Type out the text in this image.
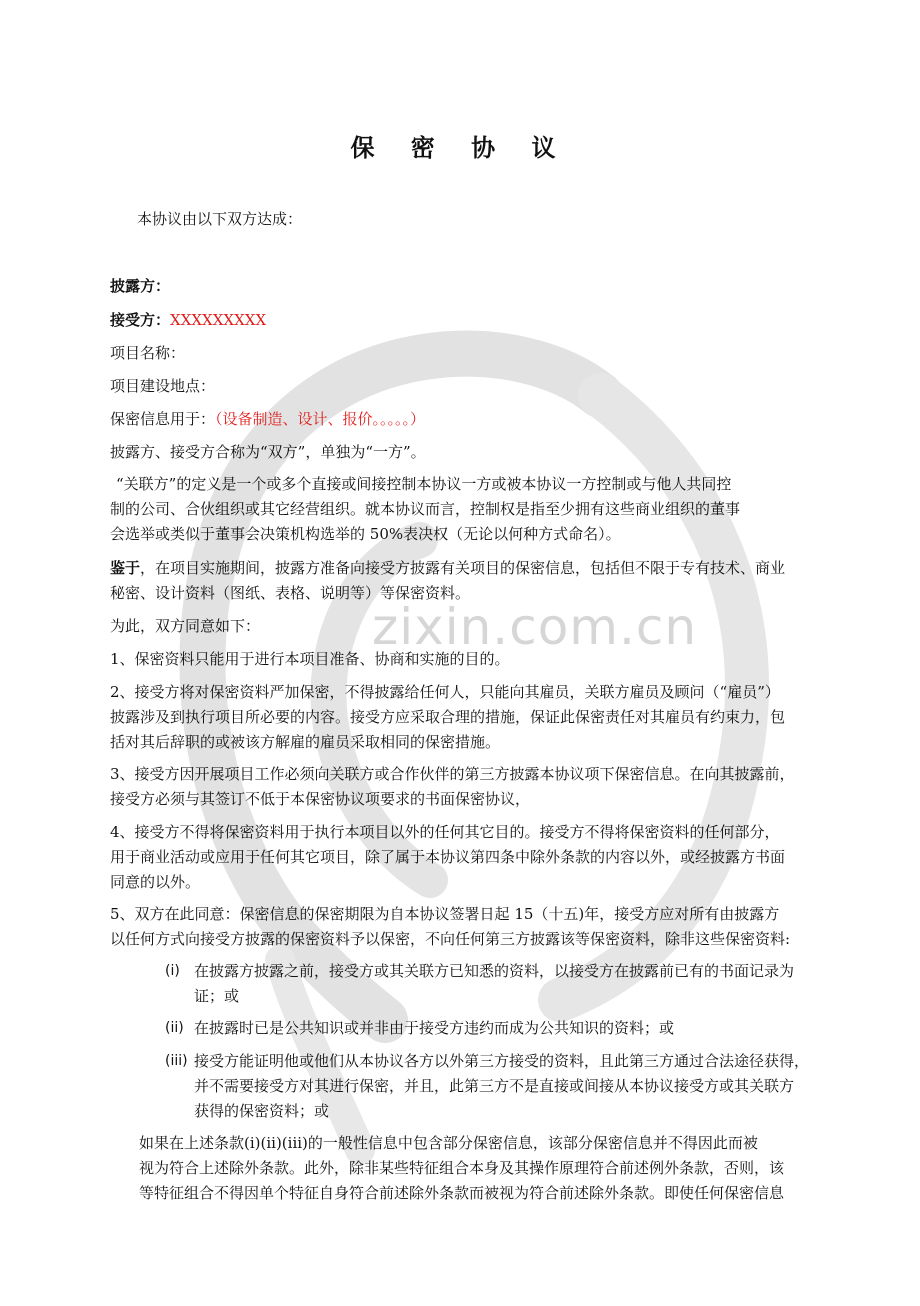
zixin.com.cn
保 密 协 议
本协议由以下双方达成：
披露方：
接受方：XXXXXXXXX
项目名称：
项目建设地点：
保密信息用于：（设备制造、设计、报价。。。。。）
披露方、接受方合称为“双方”，单独为“一方”。
“关联方”的定义是一个或多个直接或间接控制本协议一方或被本协议一方控制或与他人共同控
制的公司、合伙组织或其它经营组织。就本协议而言，控制权是指至少拥有这些商业组织的董事
会选举或类似于董事会决策机构选举的 50%表决权（无论以何种方式命名）。
鉴于，在项目实施期间，披露方准备向接受方披露有关项目的保密信息，包括但不限于专有技术、商业
秘密、设计资料（图纸、表格、说明等）等保密资料。
为此，双方同意如下：
1、保密资料只能用于进行本项目准备、协商和实施的目的。
2、接受方将对保密资料严加保密，不得披露给任何人，只能向其雇员，关联方雇员及顾问（“雇员”）
披露涉及到执行项目所必要的内容。接受方应采取合理的措施，保证此保密责任对其雇员有约束力，包
括对其后辞职的或被该方解雇的雇员采取相同的保密措施。
3、接受方因开展项目工作必须向关联方或合作伙伴的第三方披露本协议项下保密信息。在向其披露前，
接受方必须与其签订不低于本保密协议项要求的书面保密协议，
4、接受方不得将保密资料用于执行本项目以外的任何其它目的。接受方不得将保密资料的任何部分，
用于商业活动或应用于任何其它项目，除了属于本协议第四条中除外条款的内容以外，或经披露方书面
同意的以外。
5、双方在此同意：保密信息的保密期限为自本协议签署日起 15（十五)年，接受方应对所有由披露方
以任何方式向接受方披露的保密资料予以保密，不向任何第三方披露该等保密资料，除非这些保密资料:
(i) 在披露方披露之前，接受方或其关联方已知悉的资料，以接受方在披露前已有的书面记录为
证；或
(ii) 在披露时已是公共知识或并非由于接受方违约而成为公共知识的资料；或
(iii) 接受方能证明他或他们从本协议各方以外第三方接受的资料，且此第三方通过合法途径获得，
并不需要接受方对其进行保密，并且，此第三方不是直接或间接从本协议接受方或其关联方
获得的保密资料；或
如果在上述条款(i)(ii)(iii)的一般性信息中包含部分保密信息，该部分保密信息并不得因此而被
视为符合上述除外条款。此外，除非某些特征组合本身及其操作原理符合前述例外条款，否则，该
等特征组合不得因单个特征自身符合前述除外条款而被视为符合前述除外条款。即使任何保密信息
